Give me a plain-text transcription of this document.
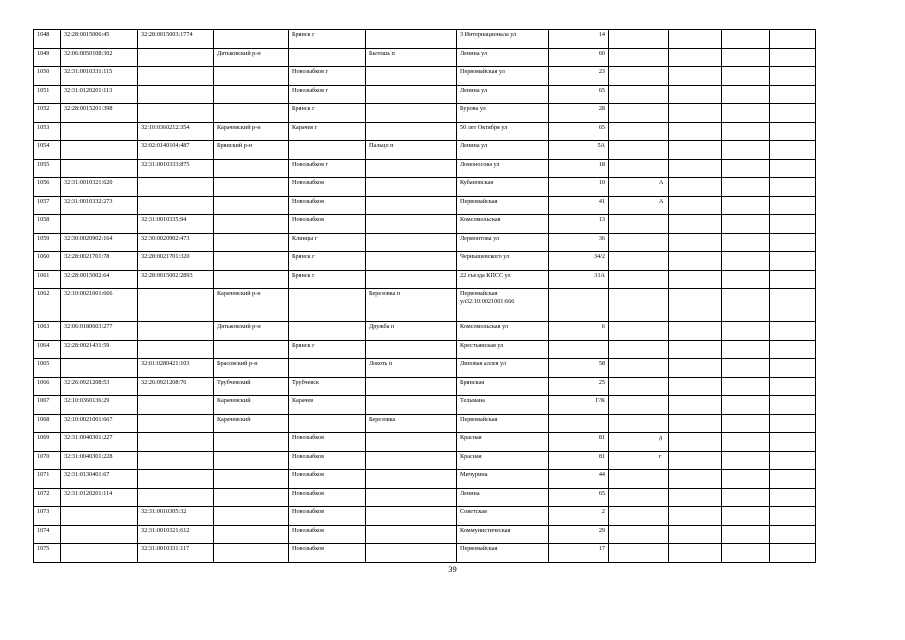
1048	32:28:0015006:45	32:28:0015003:1774		Брянск г		3 Интернационала ул	14				
1049	32:06:0050108:302		Дятьковский р-н		Бытошь п	Ленина ул	60				
1050	32:31:0010331:115			Новозыбков г		Первомайская ул	23				
1051	32:31:0120201:113			Новозыбков г		Ленина ул	65				
1052	32:28:0015201:398			Брянск г		Бурова ул	28				
1053		32:10:0360212:354	Карачевский р-н	Карачев г		50 лет Октября ул	65				
1054		32:02:0140104:487	Брянский р-н		Пальцо п	Ленина ул	5А				
1055		32:31:0010333:875		Новозыбков г		Ломоносова ул	18				
1056	32:31:0010321:620			Новозыбков		Кубановская	10	А			
1057	32:31:0010332:273			Новозыбков		Первомайская	41	А			
1058		32:31:0010335:94		Новозыбков		Комсомольская	13				
1059	32:30:0020902:164	32:30:0020902:473		Клинцы г		Лермонтова ул	36				
1060	32:28:0021701:78	32:28:0021701:320		Брянск г		Чернышевского ул	34/2				
1061	32:28:0015002:64	32:28:0015002:2893		Брянск г		22 съезда КПСС ул	31А				
1062	32:10:0021001:666		Карачевский р-н		Березовка п	Первомайская ул32:10:0021001:666					
1063	32:06:0180603:277		Дятьковский р-н		Дружба п	Комсомольская ул	6				
1064	32:28:0021431:59			Брянск г		Крестьянская ул					
1065		32:01:0280421:103	Брасовский р-н		Локоть п	Липовая аллея ул	58				
1066	32:26:0921208:53	32:26:0921208:76	Трубчевский	Трубчевск		Брянская	25				
1067	32:10:0360136:29		Карачевский	Карачев		Тельмана	Г/К				
1068	32:10:0021001:667		Карачевский		Березовка	Первомайская					
1069	32:31:0040301:227			Новозыбков		Красная	81	д			
1070	32:31:0040301:228			Новозыбков		Красная	81	г			
1071	32:31:0130401:67			Новозыбков		Мичурина	44				
1072	32:31:0120201:114			Новозыбков		Ленина	65				
1073		32:31:0010305:32		Новозыбков		Советская	2				
1074		32:31:0010321:612		Новозыбков		Коммунистическая	29				
1075		32:31:0010331:117		Новозыбков		Первомайская	17				
39
